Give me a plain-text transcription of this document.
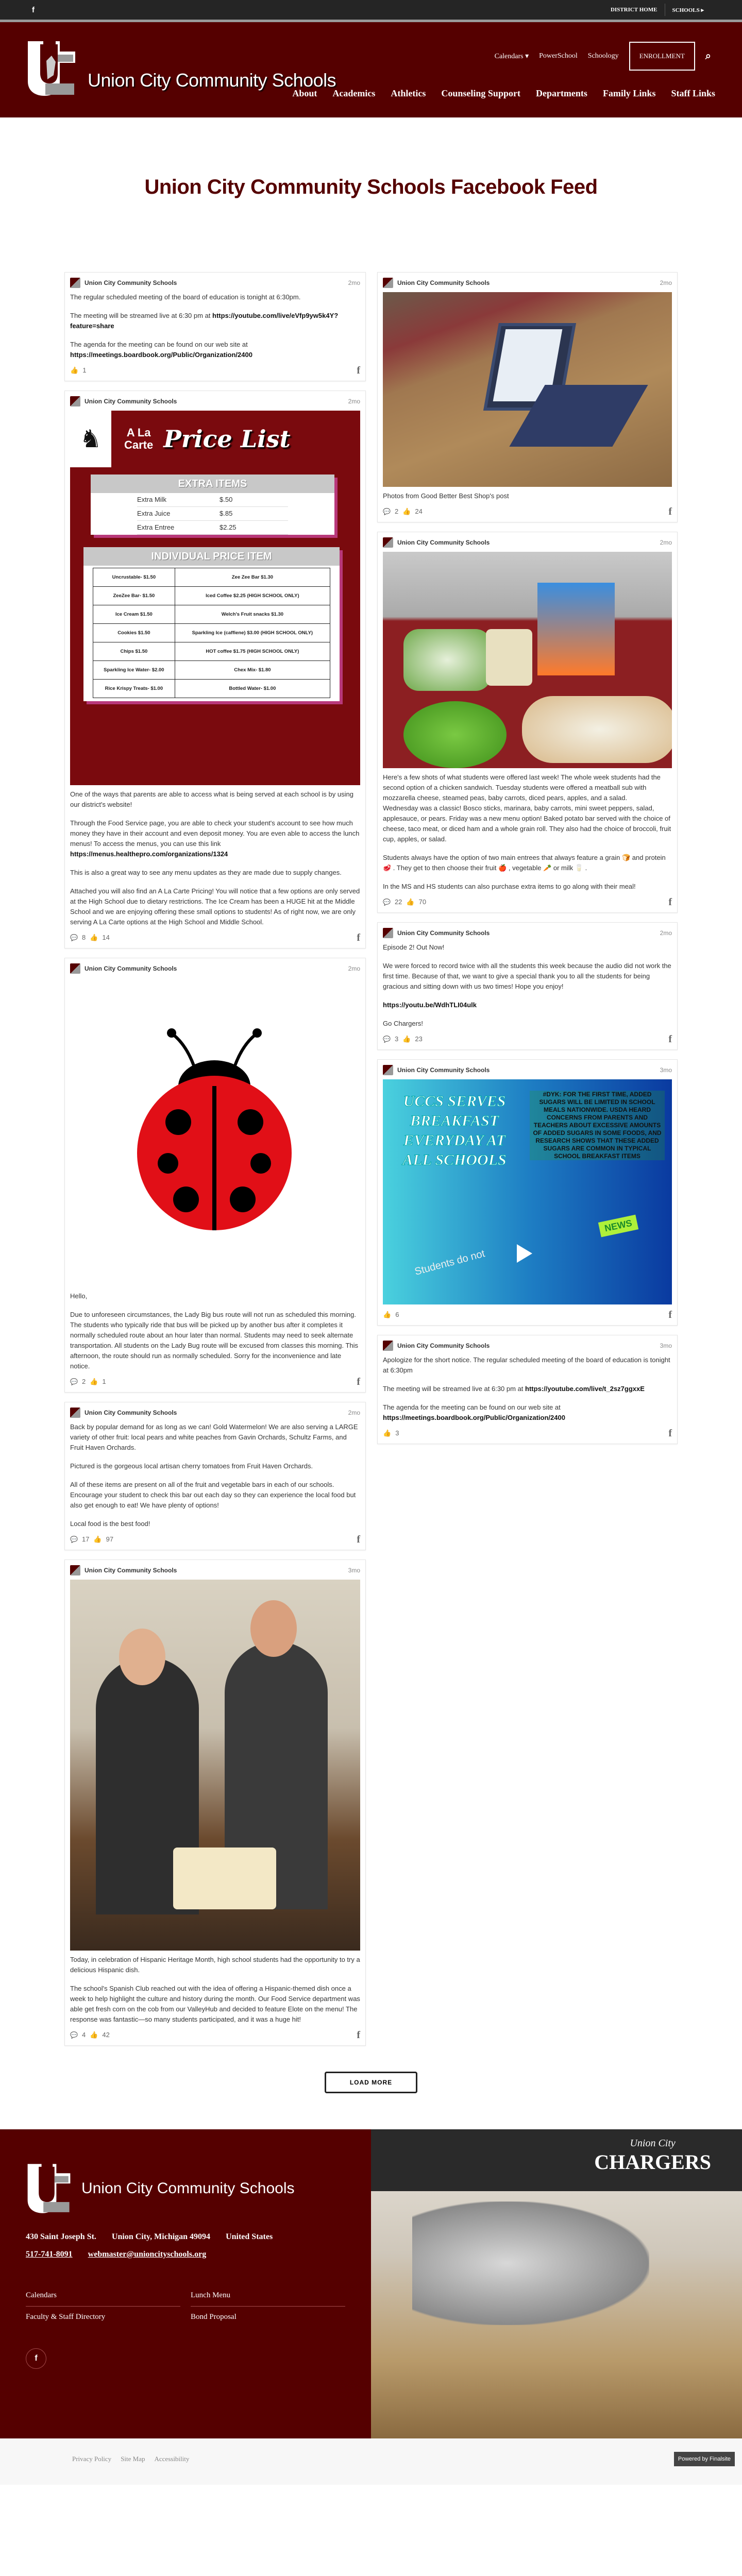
f	DISTRICT HOME	SCHOOLS ▸
Union City Community Schools
Calendars ▾ PowerSchool Schoology	ENROLLMENT	⌕
About Academics Athletics Counseling Support Departments Family Links Staff Links
Union City Community Schools Facebook Feed
Union City Community Schools	2mo

The regular scheduled meeting of the board of education is tonight at 6:30pm.

The meeting will be streamed live at 6:30 pm at https://youtube.com/live/eVfp9yw5k4Y?feature=share

The agenda for the meeting can be found on our web site at https://meetings.boardbook.org/Public/Organization/2400

👍 1	f
Union City Community Schools	2mo
♞	A La
Carte Price List
EXTRA ITEMS
Extra Milk	$.50
Extra Juice	$.85
Extra Entree	$2.25
INDIVIDUAL PRICE ITEM
Uncrustable- $1.50	Zee Zee Bar $1.30
ZeeZee Bar- $1.50	Iced Coffee $2.25 (HIGH SCHOOL ONLY)
Ice Cream $1.50	Welch's Fruit snacks $1.30
Cookies $1.50	Sparkling Ice (caffiene) $3.00 (HIGH SCHOOL ONLY)
Chips $1.50	HOT coffee $1.75 (HIGH SCHOOL ONLY)
Sparkling Ice Water- $2.00	Chex Mix- $1.80
Rice Krispy Treats- $1.00	Bottled Water- $1.00

One of the ways that parents are able to access what is being served at each school is by using our district's website!

Through the Food Service page, you are able to check your student's account to see how much money they have in their account and even deposit money. You are even able to access the lunch menus! To access the menus, you can use this link https://menus.healthepro.com/organizations/1324

This is also a great way to see any menu updates as they are made due to supply changes.

Attached you will also find an A La Carte Pricing! You will notice that a few options are only served at the High School due to dietary restrictions. The Ice Cream has been a HUGE hit at the Middle School and we are enjoying offering these small options to students! As of right now, we are only serving A La Carte options at the High School and Middle School.

💬 8 👍 14	f
Union City Community Schools	2mo

Hello,

Due to unforeseen circumstances, the Lady Big bus route will not run as scheduled this morning. The students who typically ride that bus will be picked up by another bus after it completes it normally scheduled route about an hour later than normal. Students may need to seek alternate transportation. All students on the Lady Bug route will be excused from classes this morning. This afternoon, the route should run as normally scheduled. Sorry for the inconvenience and late notice.

💬 2 👍 1	f
Union City Community Schools	2mo

Back by popular demand for as long as we can! Gold Watermelon! We are also serving a LARGE variety of other fruit: local pears and white peaches from Gavin Orchards, Schultz Farms, and Fruit Haven Orchards.

Pictured is the gorgeous local artisan cherry tomatoes from Fruit Haven Orchards.

All of these items are present on all of the fruit and vegetable bars in each of our schools. Encourage your student to check this bar out each day so they can experience the local food but also get enough to eat! We have plenty of options!

Local food is the best food!

💬 17 👍 97	f
Union City Community Schools	3mo

Today, in celebration of Hispanic Heritage Month, high school students had the opportunity to try a delicious Hispanic dish.

The school's Spanish Club reached out with the idea of offering a Hispanic-themed dish once a week to help highlight the culture and history during the month. Our Food Service department was able get fresh corn on the cob from our ValleyHub and decided to feature Elote on the menu! The response was fantastic—so many students participated, and it was a huge hit!

💬 4 👍 42	f
Union City Community Schools	2mo

Photos from Good Better Best Shop's post

💬 2 👍 24	f
Union City Community Schools	2mo

Here's a few shots of what students were offered last week! The whole week students had the second option of a chicken sandwich. Tuesday students were offered a meatball sub with mozzarella cheese, steamed peas, baby carrots, diced pears, apples, and a salad.
Wednesday was a classic! Bosco sticks, marinara, baby carrots, mini sweet peppers, salad, applesauce, or pears. Friday was a new menu option! Baked potato bar served with the choice of cheese, taco meat, or diced ham and a whole grain roll. They also had the choice of broccoli, fruit cup, apples, or salad.

Students always have the option of two main entrees that always feature a grain 🍞 and protein 🥩 . They get to then choose their fruit 🍎 , vegetable 🥕 or milk 🥛 .

In the MS and HS students can also purchase extra items to go along with their meal!

💬 22 👍 70	f
Union City Community Schools	2mo

Episode 2! Out Now!

We were forced to record twice with all the students this week because the audio did not work the first time. Because of that, we want to give a special thank you to all the students for being gracious and sitting down with us two times! Hope you enjoy!

https://youtu.be/WdhTLI04ulk

Go Chargers!

💬 3 👍 23	f
Union City Community Schools	3mo
UCCS SERVES BREAKFAST EVERYDAY AT ALL SCHOOLS
#DYK: FOR THE FIRST TIME, ADDED SUGARS WILL BE LIMITED IN SCHOOL MEALS NATIONWIDE. USDA HEARD CONCERNS FROM PARENTS AND TEACHERS ABOUT EXCESSIVE AMOUNTS OF ADDED SUGARS IN SOME FOODS, AND RESEARCH SHOWS THAT THESE ADDED SUGARS ARE COMMON IN TYPICAL SCHOOL BREAKFAST ITEMS
NEWS
Students do not
👍 6	f
Union City Community Schools	3mo

Apologize for the short notice. The regular scheduled meeting of the board of education is tonight at 6:30pm

The meeting will be streamed live at 6:30 pm at https://youtube.com/live/t_2sz7ggxxE

The agenda for the meeting can be found on our web site at https://meetings.boardbook.org/Public/Organization/2400

👍 3	f
LOAD MORE
Union City Community Schools
430 Saint Joseph St. Union City, Michigan 49094 United States
517-741-8091 webmaster@unioncityschools.org
Calendars	Lunch Menu
Faculty & Staff Directory	Bond Proposal
f
Union City
CHARGERS
Privacy Policy Site Map Accessibility	Powered by Finalsite
